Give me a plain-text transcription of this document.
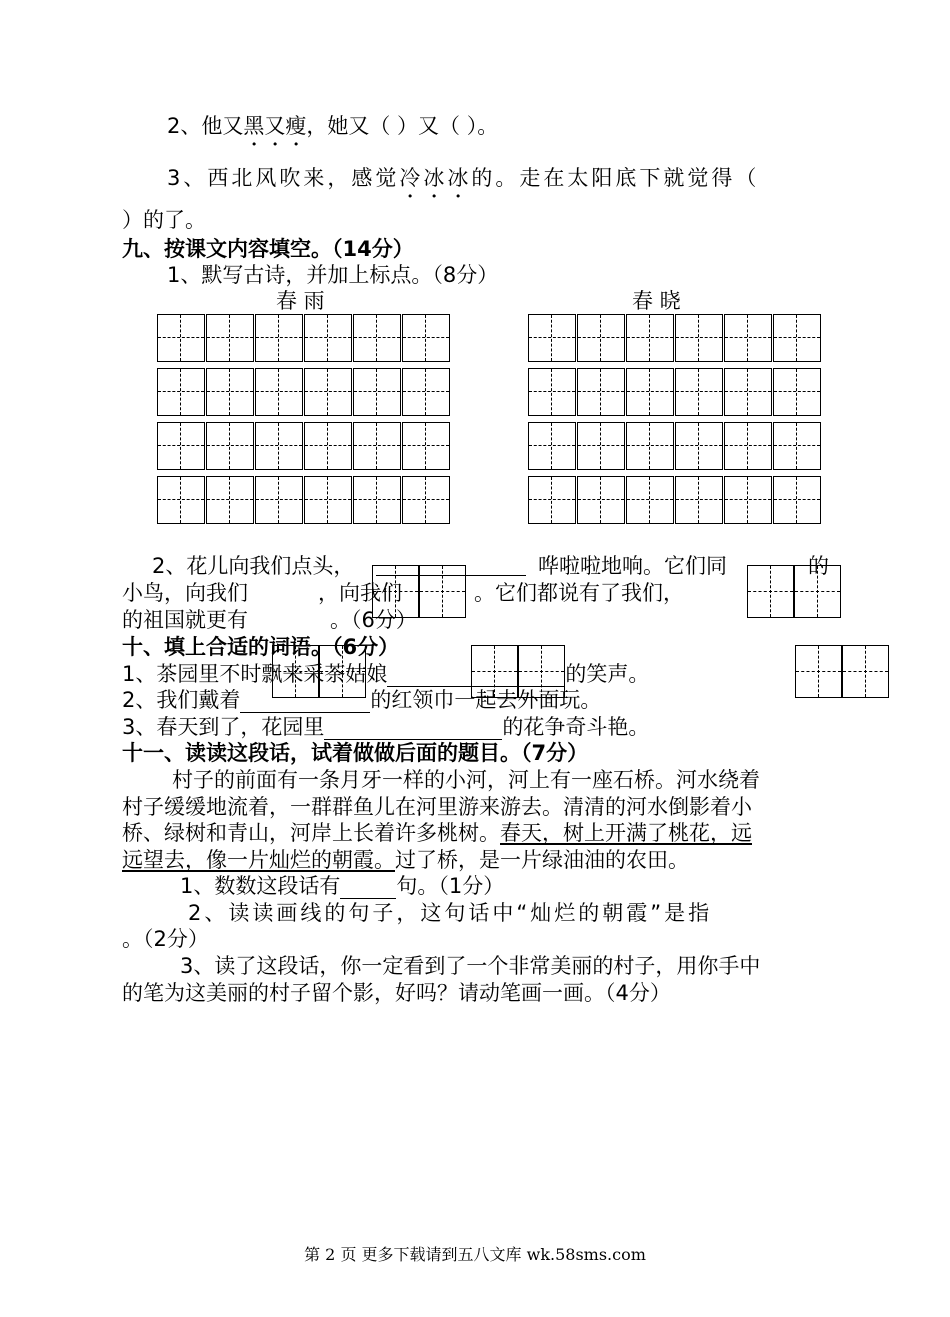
2、他又黑又瘦，她又（ ）又（ ）。
3、西北风吹来，感觉冷冰冰的。走在太阳底下就觉得（
）的了。
九、按课文内容填空。（14分）
1、默写古诗，并加上标点。（8分）
春 雨	春 晓
2、花儿向我们点头，	哗啦啦地响。它们同	的
小鸟，向我们	，向我们	。它们都说有了我们，
的祖国就更有	。（6分）
十、填上合适的词语。（6分）
1、茶园里不时飘来采茶姑娘	的笑声。
2、我们戴着	的红领巾一起去外面玩。
3、春天到了，花园里	的花争奇斗艳。
十一、读读这段话，试着做做后面的题目。（7分）
村子的前面有一条月牙一样的小河，河上有一座石桥。河水绕着
村子缓缓地流着，一群群鱼儿在河里游来游去。清清的河水倒影着小
桥、绿树和青山，河岸上长着许多桃树。春天，树上开满了桃花，远
远望去，像一片灿烂的朝霞。过了桥，是一片绿油油的农田。
1、数数这段话有	句。（1分）
2、读读画线的句子，这句话中“灿烂的朝霞”是指
。（2分）
3、读了这段话，你一定看到了一个非常美丽的村子，用你手中
的笔为这美丽的村子留个影，好吗？请动笔画一画。（4分）
第 2 页 更多下载请到五八文库 wk.58sms.com
